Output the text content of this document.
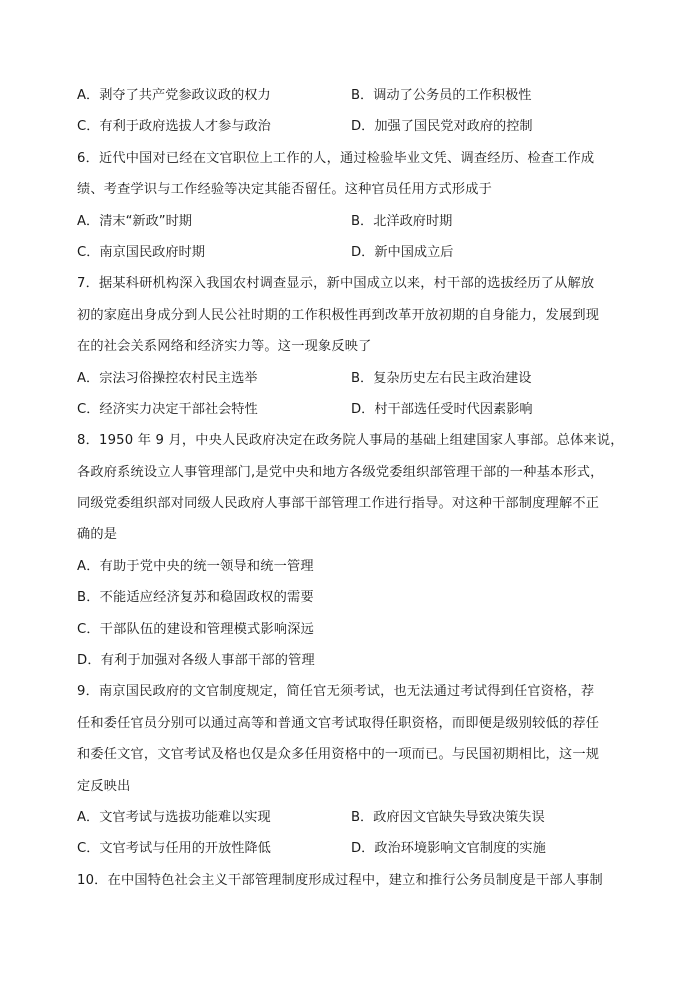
A．剥夺了共产党参政议政的权力	B．调动了公务员的工作积极性
C．有利于政府选拔人才参与政治	D．加强了国民党对政府的控制
6．近代中国对已经在文官职位上工作的人，通过检验毕业文凭、调查经历、检查工作成
绩、考查学识与工作经验等决定其能否留任。这种官员任用方式形成于
A．清末“新政”时期	B．北洋政府时期
C．南京国民政府时期	D．新中国成立后
7．据某科研机构深入我国农村调查显示，新中国成立以来，村干部的选拔经历了从解放
初的家庭出身成分到人民公社时期的工作积极性再到改革开放初期的自身能力，发展到现
在的社会关系网络和经济实力等。这一现象反映了
A．宗法习俗操控农村民主选举	B．复杂历史左右民主政治建设
C．经济实力决定干部社会特性	D．村干部选任受时代因素影响
8．1950 年 9 月，中央人民政府决定在政务院人事局的基础上组建国家人事部。总体来说，
各政府系统设立人事管理部门,是党中央和地方各级党委组织部管理干部的一种基本形式，
同级党委组织部对同级人民政府人事部干部管理工作进行指导。对这种干部制度理解不正
确的是
A．有助于党中央的统一领导和统一管理
B．不能适应经济复苏和稳固政权的需要
C．干部队伍的建设和管理模式影响深远
D．有利于加强对各级人事部干部的管理
9．南京国民政府的文官制度规定，简任官无须考试，也无法通过考试得到任官资格，荐
任和委任官员分别可以通过高等和普通文官考试取得任职资格，而即便是级别较低的荐任
和委任文官，文官考试及格也仅是众多任用资格中的一项而已。与民国初期相比，这一规
定反映出
A．文官考试与选拔功能难以实现	B．政府因文官缺失导致决策失误
C．文官考试与任用的开放性降低	D．政治环境影响文官制度的实施
10．在中国特色社会主义干部管理制度形成过程中，建立和推行公务员制度是干部人事制
